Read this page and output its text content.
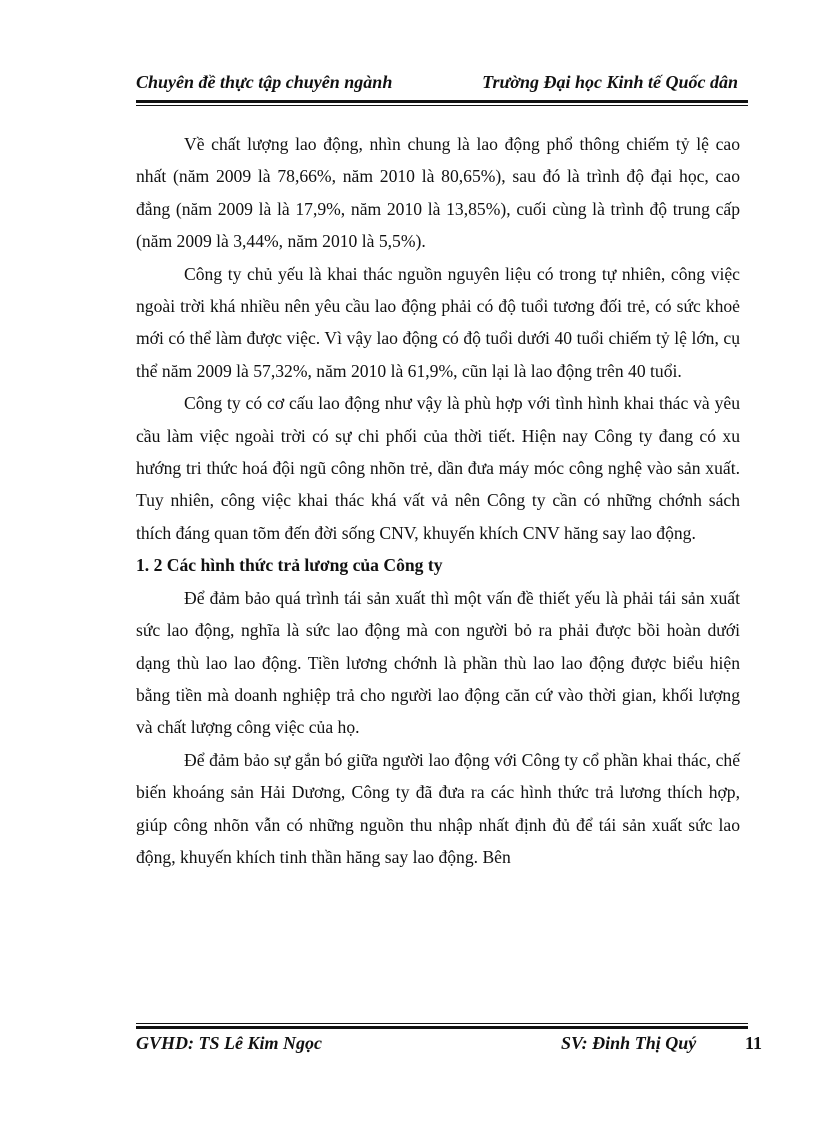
Chuyên đề thực tập chuyên ngành	Trường Đại học Kinh tế Quốc dân

Về chất lượng lao động, nhìn chung là lao động phổ thông chiếm tỷ lệ cao nhất (năm 2009 là 78,66%, năm 2010 là 80,65%), sau đó là trình độ đại học, cao đẳng (năm 2009 là là 17,9%, năm 2010 là 13,85%), cuối cùng là trình độ trung cấp (năm 2009 là 3,44%, năm 2010 là 5,5%).

Công ty chủ yếu là khai thác nguồn nguyên liệu có trong tự nhiên, công việc ngoài trời khá nhiều nên yêu cầu lao động phải có độ tuổi tương đối trẻ, có sức khoẻ mới có thể làm được việc. Vì vậy lao động có độ tuổi dưới 40 tuổi chiếm tỷ lệ lớn, cụ thể năm 2009 là 57,32%, năm 2010 là 61,9%, cũn lại là lao động trên 40 tuổi.

Công ty có cơ cấu lao động như vậy là phù hợp với tình hình khai thác và yêu cầu làm việc ngoài trời có sự chi phối của thời tiết. Hiện nay Công ty đang có xu hướng tri thức hoá đội ngũ công nhõn trẻ, dần đưa máy móc công nghệ vào sản xuất. Tuy nhiên, công việc khai thác khá vất vả nên Công ty cần có những chớnh sách thích đáng quan tõm đến đời sống CNV, khuyến khích CNV hăng say lao động.

1. 2 Các hình thức trả lương của Công ty

Để đảm bảo quá trình tái sản xuất thì một vấn đề thiết yếu là phải tái sản xuất sức lao động, nghĩa là sức lao động mà con người bỏ ra phải được bồi hoàn dưới dạng thù lao lao động. Tiền lương chớnh là phần thù lao lao động được biểu hiện bằng tiền mà doanh nghiệp trả cho người lao động căn cứ vào thời gian, khối lượng và chất lượng công việc của họ.

Để đảm bảo sự gắn bó giữa người lao động với Công ty cổ phần khai thác, chế biến khoáng sản Hải Dương, Công ty đã đưa ra các hình thức trả lương thích hợp, giúp công nhõn vẫn có những nguồn thu nhập nhất định đủ để tái sản xuất sức lao động, khuyến khích tinh thần hăng say lao động. Bên

GVHD: TS Lê Kim Ngọc	SV: Đinh Thị Quý	11
